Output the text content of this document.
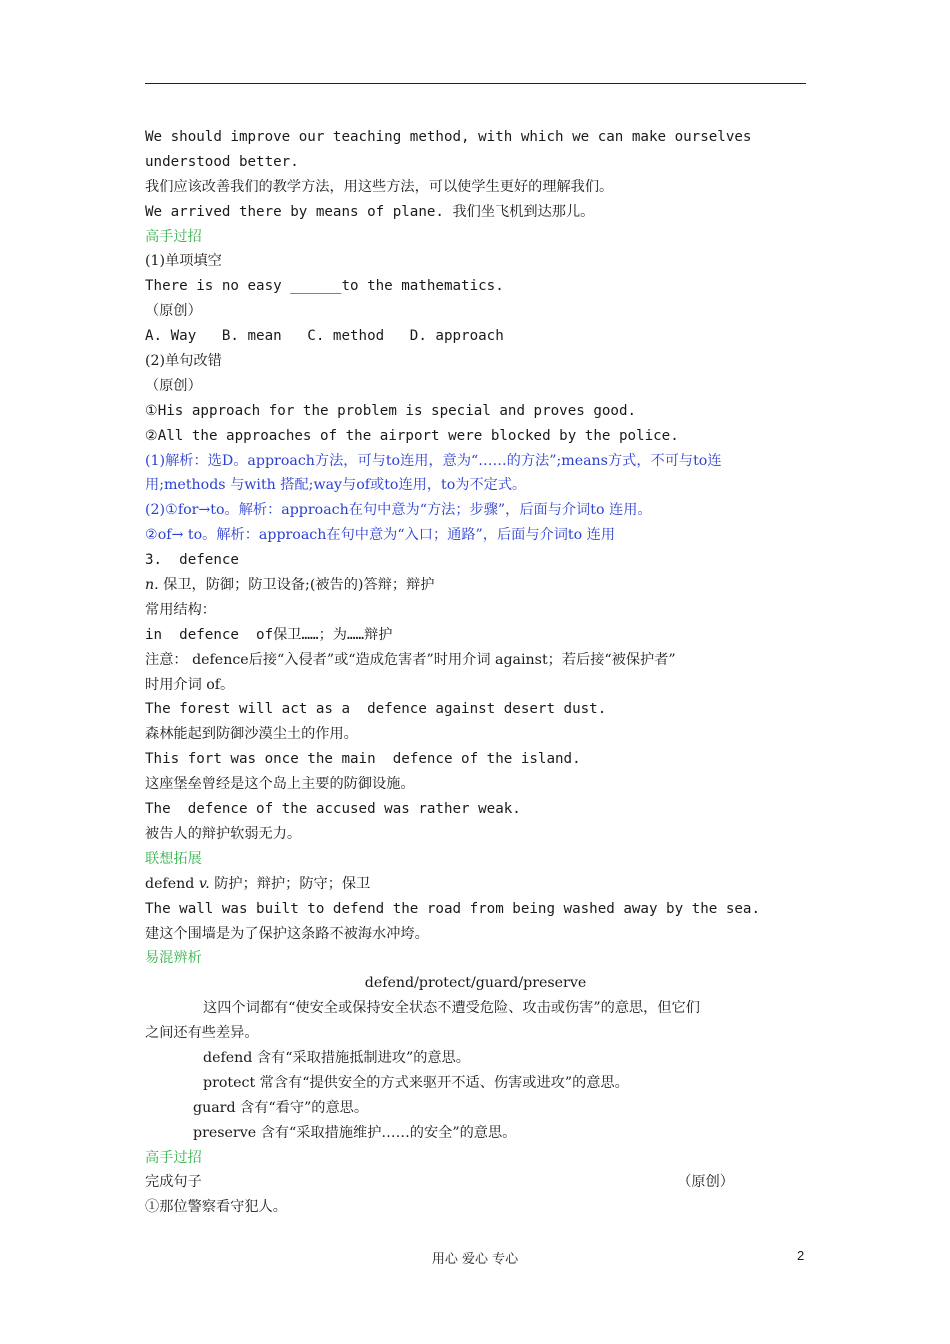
We should improve our teaching method, with which we can make ourselves
understood better.
我们应该改善我们的教学方法，用这些方法，可以使学生更好的理解我们。
We arrived there by means of plane. 我们坐飞机到达那儿。
高手过招
(1)单项填空
There is no easy ______to the mathematics.
（原创）
A. Way   B. mean   C. method   D. approach
(2)单句改错
（原创）
①His approach for the problem is special and proves good.
②All the approaches of the airport were blocked by the police.
(1)解析：选D。approach方法，可与to连用，意为“……的方法”;means方式，不可与to连
用;methods 与with 搭配;way与of或to连用，to为不定式。
(2)①for→to。解析：approach在句中意为“方法；步骤”，后面与介词to 连用。
②of→ to。解析：approach在句中意为“入口；通路”，后面与介词to 连用
3.  defence
n. 保卫，防御；防卫设备;(被告的)答辩；辩护
常用结构：
in  defence  of保卫……；为……辩护
注意： defence后接“入侵者”或“造成危害者”时用介词 against；若后接“被保护者”
时用介词 of。
The forest will act as a  defence against desert dust.
森林能起到防御沙漠尘土的作用。
This fort was once the main  defence of the island.
这座堡垒曾经是这个岛上主要的防御设施。
The  defence of the accused was rather weak.
被告人的辩护软弱无力。
联想拓展
defend v. 防护；辩护；防守；保卫
The wall was built to defend the road from being washed away by the sea.
建这个围墙是为了保护这条路不被海水冲垮。
易混辨析
defend/protect/guard/preserve
这四个词都有“使安全或保持安全状态不遭受危险、攻击或伤害”的意思，但它们
之间还有些差异。
defend 含有“采取措施抵制进攻”的意思。
protect 常含有“提供安全的方式来驱开不适、伤害或进攻”的意思。
guard 含有“看守”的意思。
preserve 含有“采取措施维护……的安全”的意思。
高手过招
完成句子	（原创）
①那位警察看守犯人。
用心 爱心 专心	2
